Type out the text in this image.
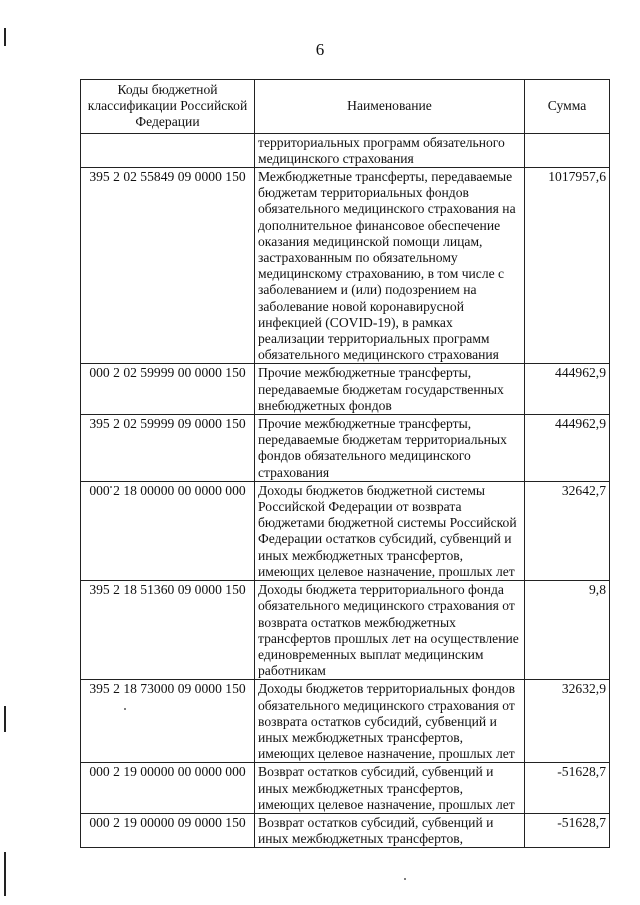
6
Коды бюджетной классификации Российской Федерации	Наименование	Сумма
	территориальных программ обязательного медицинского страхования	
395 2 02 55849 09 0000 150	Межбюджетные трансферты, передаваемые бюджетам территориальных фондов обязательного медицинского страхования на дополнительное финансовое обеспечение оказания медицинской помощи лицам, застрахованным по обязательному медицинскому страхованию, в том числе с заболеванием и (или) подозрением на заболевание новой коронавирусной инфекцией (COVID-19), в рамках реализации территориальных программ обязательного медицинского страхования	1017957,6
000 2 02 59999 00 0000 150	Прочие межбюджетные трансферты, передаваемые бюджетам государственных внебюджетных фондов	444962,9
395 2 02 59999 09 0000 150	Прочие межбюджетные трансферты, передаваемые бюджетам территориальных фондов обязательного медицинского страхования	444962,9
000 2 18 00000 00 0000 000	Доходы бюджетов бюджетной системы Российской Федерации от возврата бюджетами бюджетной системы Российской Федерации остатков субсидий, субвенций и иных межбюджетных трансфертов, имеющих целевое назначение, прошлых лет	32642,7
395 2 18 51360 09 0000 150	Доходы бюджета территориального фонда обязательного медицинского страхования от возврата остатков межбюджетных трансфертов прошлых лет на осуществление единовременных выплат медицинским работникам	9,8
395 2 18 73000 09 0000 150	Доходы бюджетов территориальных фондов обязательного медицинского страхования от возврата остатков субсидий, субвенций и иных межбюджетных трансфертов, имеющих целевое назначение, прошлых лет	32632,9
000 2 19 00000 00 0000 000	Возврат остатков субсидий, субвенций и иных межбюджетных трансфертов, имеющих целевое назначение, прошлых лет	-51628,7
000 2 19 00000 09 0000 150	Возврат остатков субсидий, субвенций и иных межбюджетных трансфертов,	-51628,7
